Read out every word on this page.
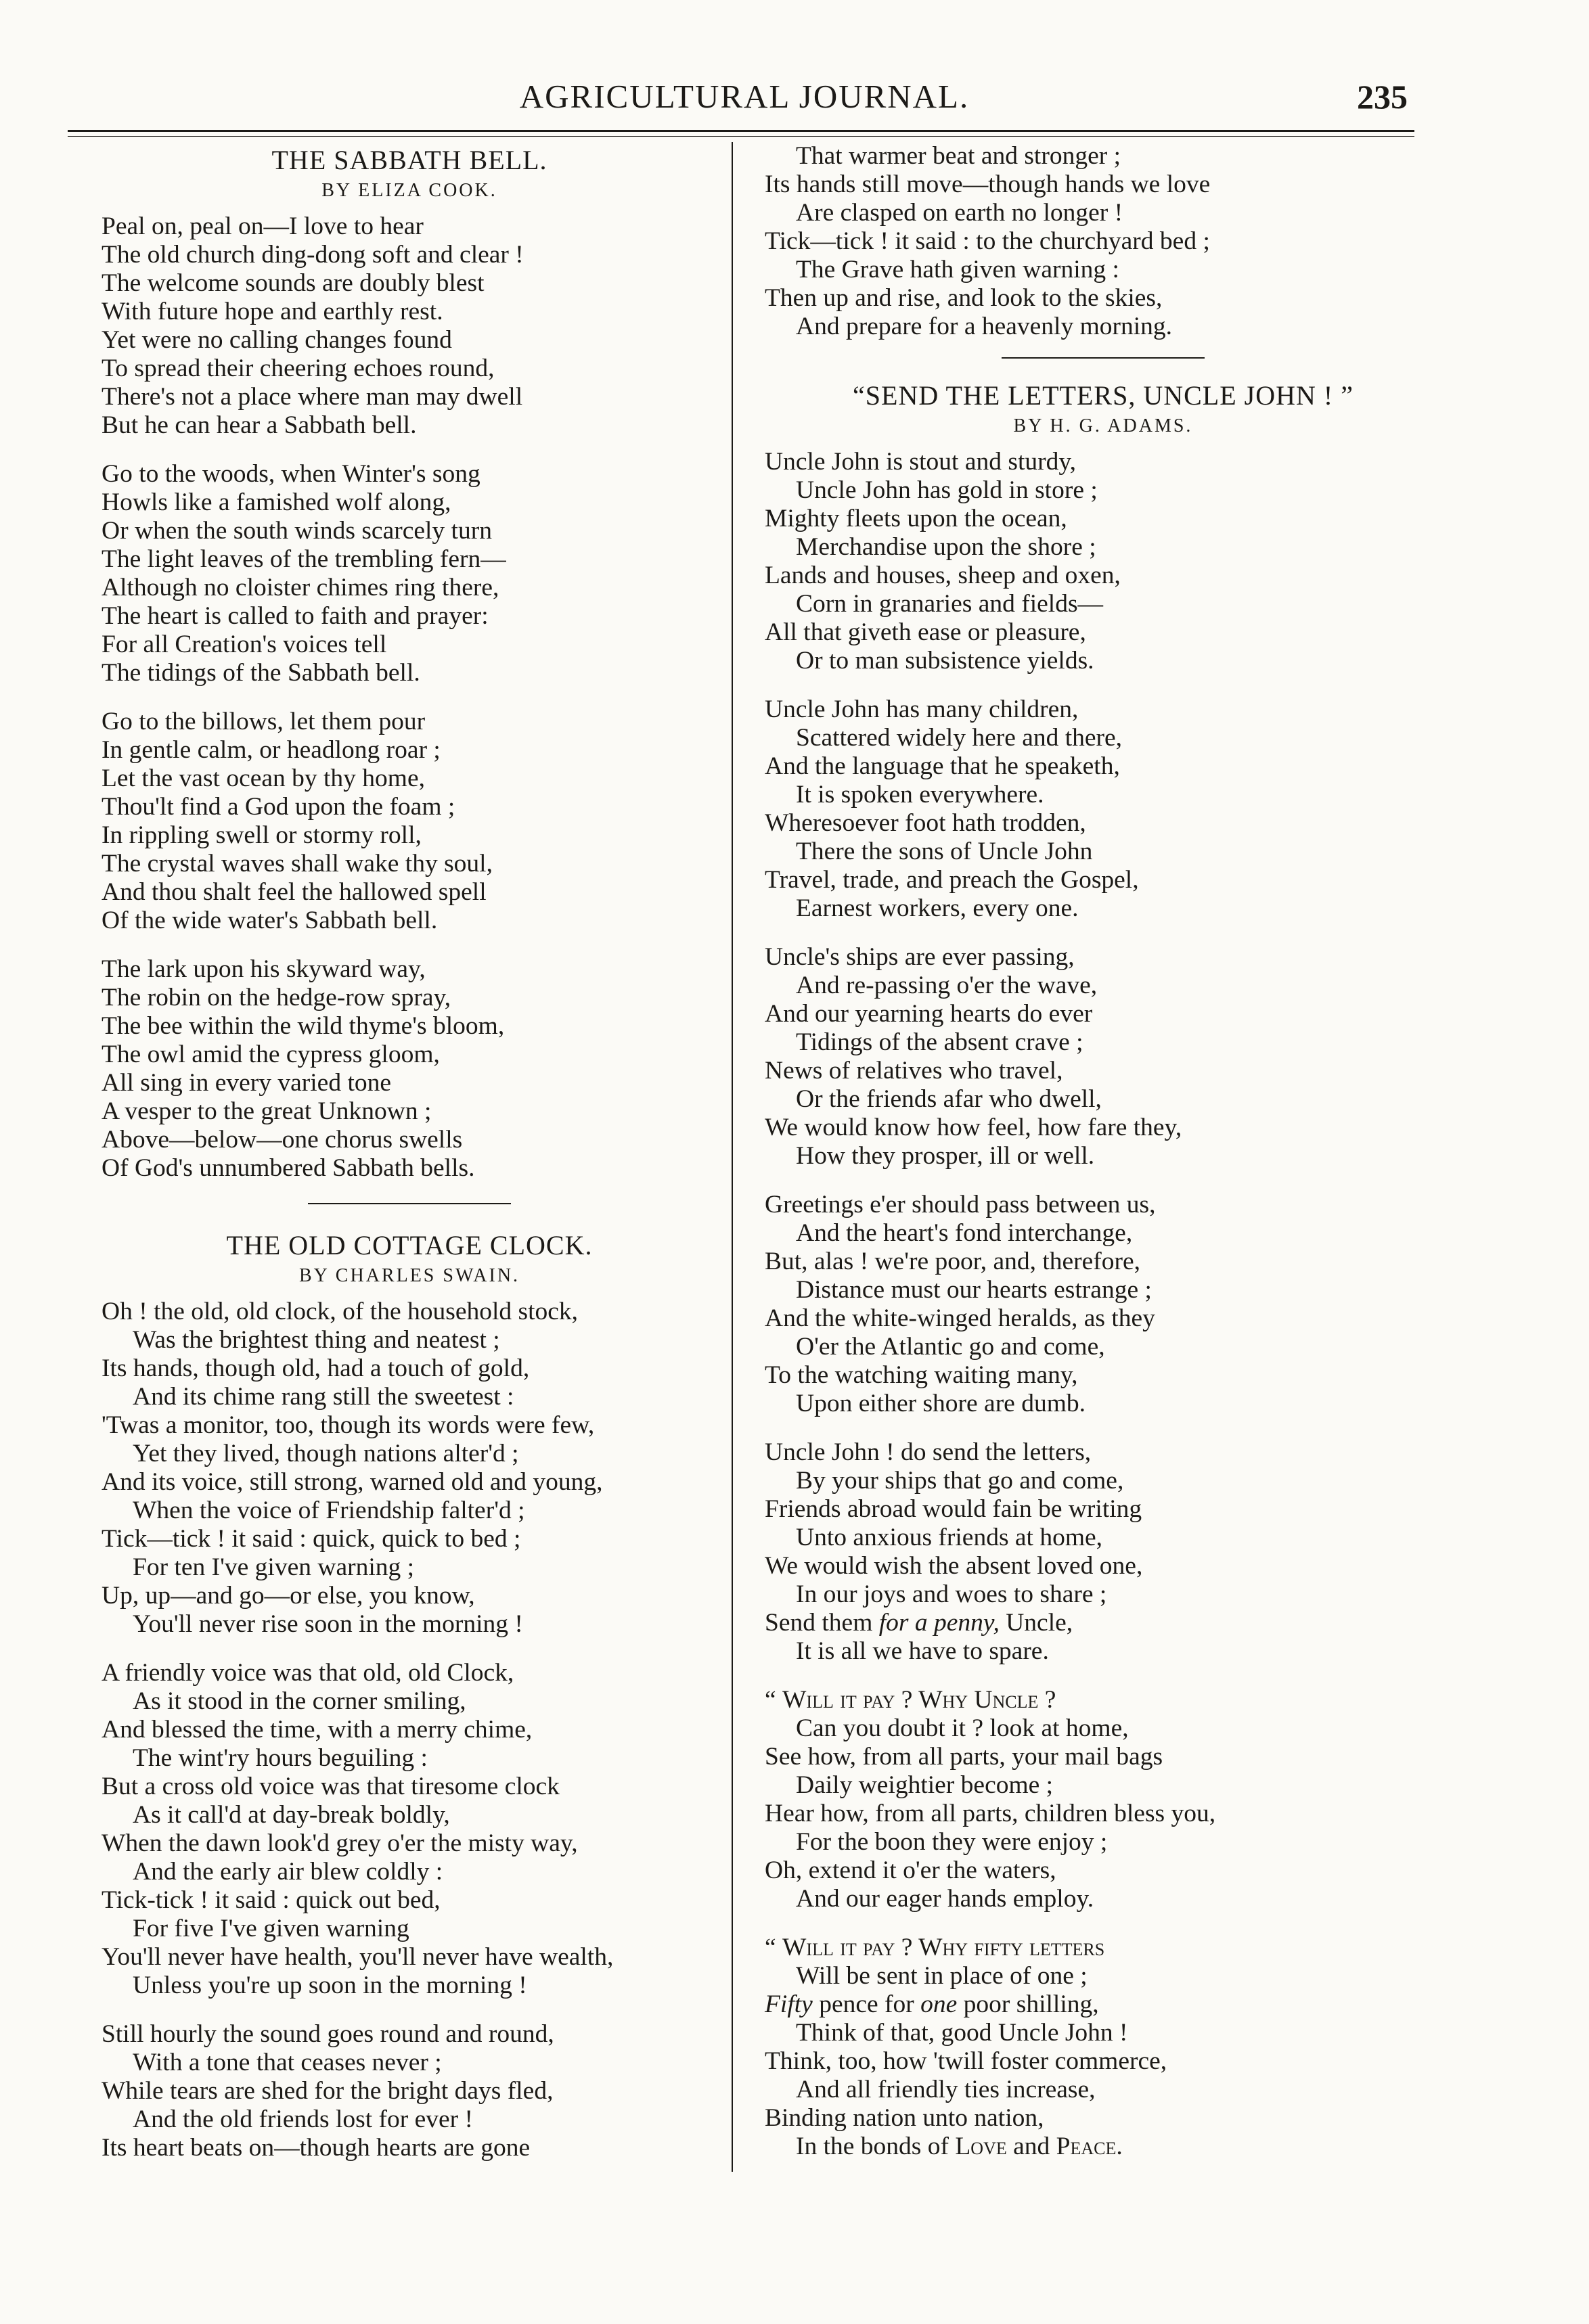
AGRICULTURAL JOURNAL.	235

THE SABBATH BELL.

BY ELIZA COOK.

Peal on, peal on—I love to hear
The old church ding-dong soft and clear !
The welcome sounds are doubly blest
With future hope and earthly rest.
Yet were no calling changes found
To spread their cheering echoes round,
There's not a place where man may dwell
But he can hear a Sabbath bell.
Go to the woods, when Winter's song
Howls like a famished wolf along,
Or when the south winds scarcely turn
The light leaves of the trembling fern—
Although no cloister chimes ring there,
The heart is called to faith and prayer:
For all Creation's voices tell
The tidings of the Sabbath bell.
Go to the billows, let them pour
In gentle calm, or headlong roar ;
Let the vast ocean by thy home,
Thou'lt find a God upon the foam ;
In rippling swell or stormy roll,
The crystal waves shall wake thy soul,
And thou shalt feel the hallowed spell
Of the wide water's Sabbath bell.
The lark upon his skyward way,
The robin on the hedge-row spray,
The bee within the wild thyme's bloom,
The owl amid the cypress gloom,
All sing in every varied tone
A vesper to the great Unknown ;
Above—below—one chorus swells
Of God's unnumbered Sabbath bells.

THE OLD COTTAGE CLOCK.

BY CHARLES SWAIN.

Oh ! the old, old clock, of the household stock,
Was the brightest thing and neatest ;
Its hands, though old, had a touch of gold,
And its chime rang still the sweetest :
'Twas a monitor, too, though its words were few,
Yet they lived, though nations alter'd ;
And its voice, still strong, warned old and young,
When the voice of Friendship falter'd ;
Tick—tick ! it said : quick, quick to bed ;
For ten I've given warning ;
Up, up—and go—or else, you know,
You'll never rise soon in the morning !
A friendly voice was that old, old Clock,
As it stood in the corner smiling,
And blessed the time, with a merry chime,
The wint'ry hours beguiling :
But a cross old voice was that tiresome clock
As it call'd at day-break boldly,
When the dawn look'd grey o'er the misty way,
And the early air blew coldly :
Tick-tick ! it said : quick out bed,
For five I've given warning
You'll never have health, you'll never have wealth,
Unless you're up soon in the morning !
Still hourly the sound goes round and round,
With a tone that ceases never ;
While tears are shed for the bright days fled,
And the old friends lost for ever !
Its heart beats on—though hearts are gone
That warmer beat and stronger ;
Its hands still move—though hands we love
Are clasped on earth no longer !
Tick—tick ! it said : to the churchyard bed ;
The Grave hath given warning :
Then up and rise, and look to the skies,
And prepare for a heavenly morning.

“SEND THE LETTERS, UNCLE JOHN ! ”

BY H. G. ADAMS.

Uncle John is stout and sturdy,
Uncle John has gold in store ;
Mighty fleets upon the ocean,
Merchandise upon the shore ;
Lands and houses, sheep and oxen,
Corn in granaries and fields—
All that giveth ease or pleasure,
Or to man subsistence yields.
Uncle John has many children,
Scattered widely here and there,
And the language that he speaketh,
It is spoken everywhere.
Wheresoever foot hath trodden,
There the sons of Uncle John
Travel, trade, and preach the Gospel,
Earnest workers, every one.
Uncle's ships are ever passing,
And re-passing o'er the wave,
And our yearning hearts do ever
Tidings of the absent crave ;
News of relatives who travel,
Or the friends afar who dwell,
We would know how feel, how fare they,
How they prosper, ill or well.
Greetings e'er should pass between us,
And the heart's fond interchange,
But, alas ! we're poor, and, therefore,
Distance must our hearts estrange ;
And the white-winged heralds, as they
O'er the Atlantic go and come,
To the watching waiting many,
Upon either shore are dumb.
Uncle John ! do send the letters,
By your ships that go and come,
Friends abroad would fain be writing
Unto anxious friends at home,
We would wish the absent loved one,
In our joys and woes to share ;
Send them for a penny, Uncle,
It is all we have to spare.
“ Will it pay ? Why Uncle ?
Can you doubt it ? look at home,
See how, from all parts, your mail bags
Daily weightier become ;
Hear how, from all parts, children bless you,
For the boon they were enjoy ;
Oh, extend it o'er the waters,
And our eager hands employ.
“ Will it pay ? Why fifty letters
Will be sent in place of one ;
Fifty pence for one poor shilling,
Think of that, good Uncle John !
Think, too, how 'twill foster commerce,
And all friendly ties increase,
Binding nation unto nation,
In the bonds of Love and Peace.
